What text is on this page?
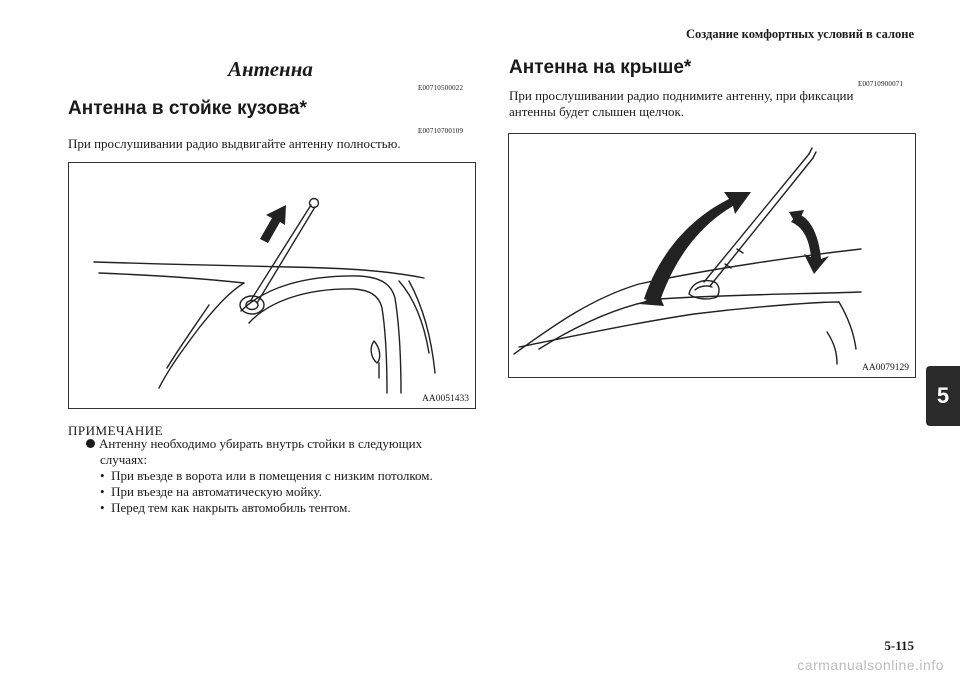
Создание комфортных условий в салоне
Антенна
E00710500022
Антенна в стойке кузова*
E00710700109
При прослушивании радио выдвигайте антенну полностью.
AA0051433
ПРИМЕЧАНИЕ
Антенну необходимо убирать внутрь стойки в следующих
случаях:
•  При въезде в ворота или в помещения с низким потолком.
•  При въезде на автоматическую мойку.
•  Перед тем как накрыть автомобиль тентом.
Антенна на крыше*
E00710900071
При прослушивании радио поднимите антенну, при фиксации
антенны будет слышен щелчок.
AA0079129
5
5-115
carmanualsonline.info
